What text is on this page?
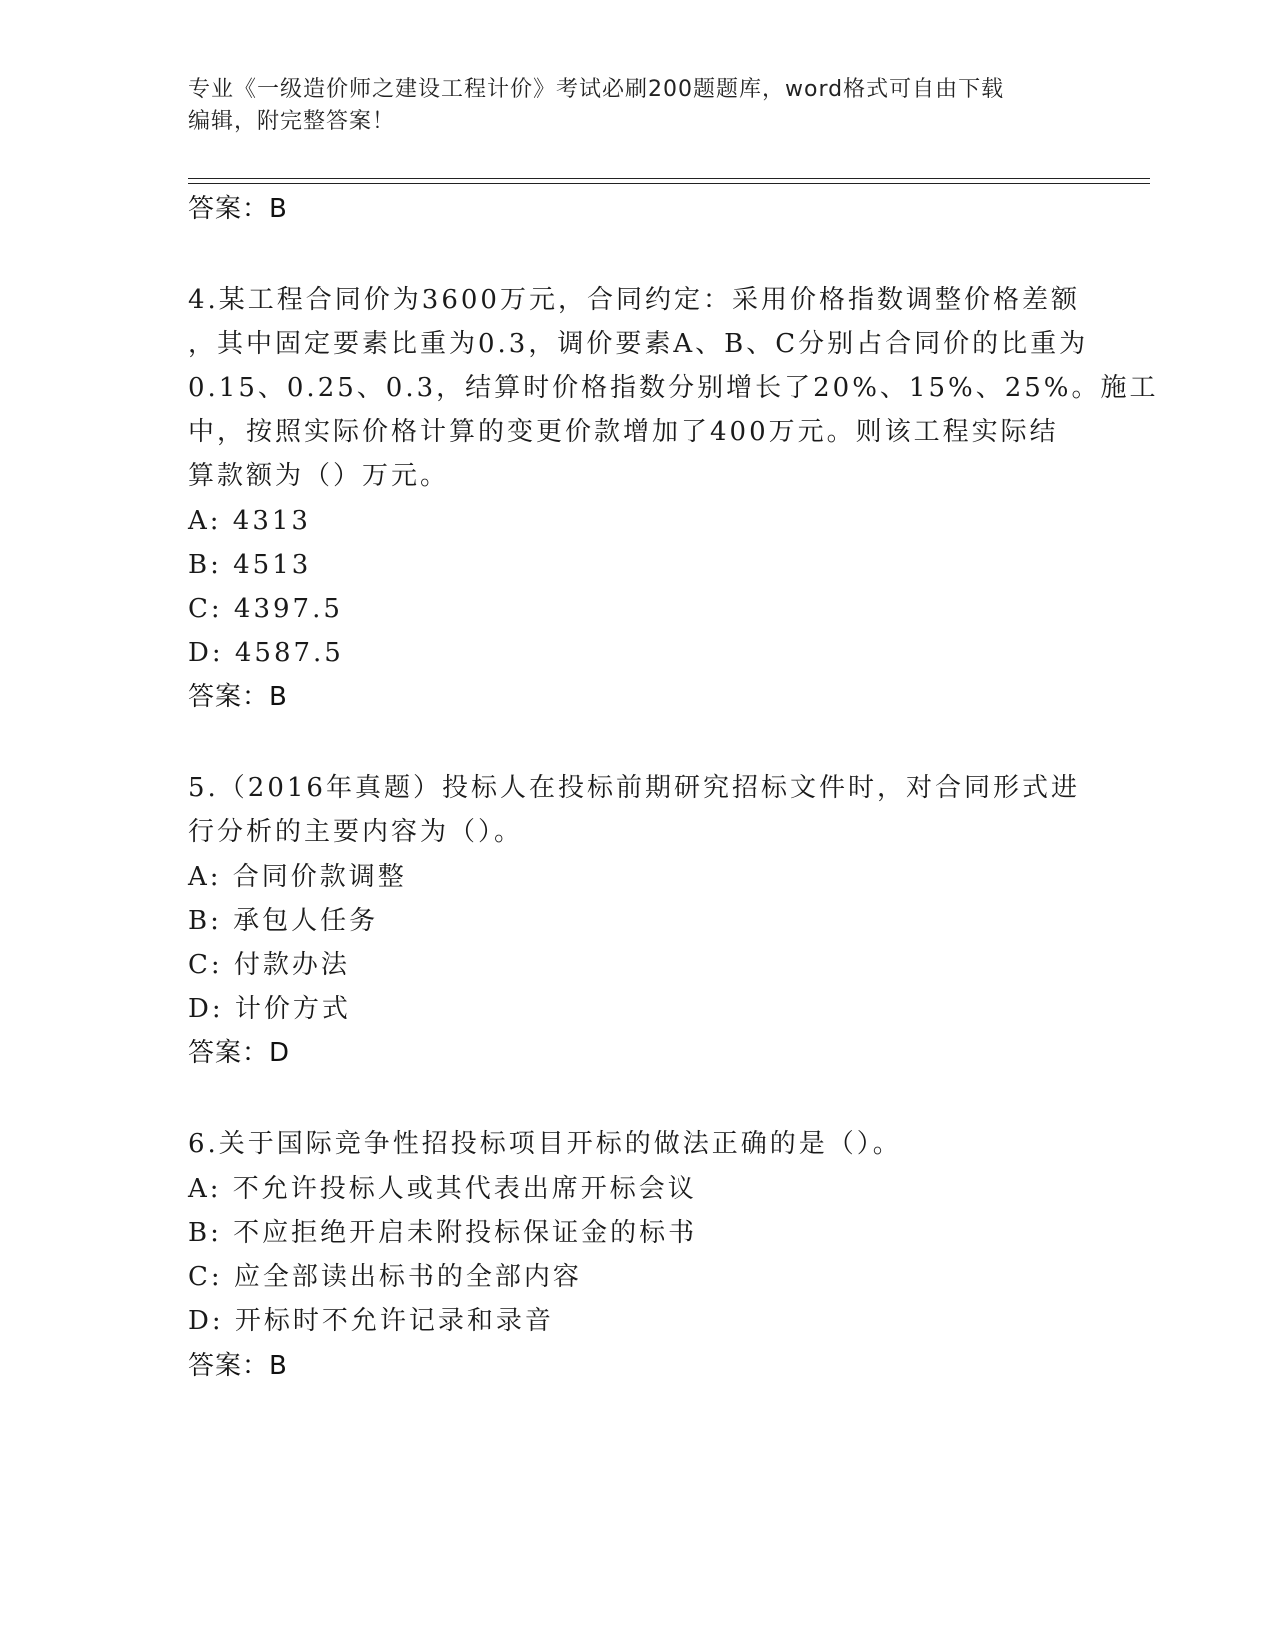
专业《一级造价师之建设工程计价》考试必刷200题题库，word格式可自由下载
编辑，附完整答案！
答案：B
4.某工程合同价为3600万元，合同约定：采用价格指数调整价格差额
，其中固定要素比重为0.3，调价要素A、B、C分别占合同价的比重为
0.15、0.25、0.3，结算时价格指数分别增长了20%、15%、25%。施工
中，按照实际价格计算的变更价款增加了400万元。则该工程实际结
算款额为（）万元。
A: 4313
B: 4513
C: 4397.5
D: 4587.5
答案：B
5.（2016年真题）投标人在投标前期研究招标文件时，对合同形式进
行分析的主要内容为（）。
A: 合同价款调整
B: 承包人任务
C: 付款办法
D: 计价方式
答案：D
6.关于国际竞争性招投标项目开标的做法正确的是（）。
A: 不允许投标人或其代表出席开标会议
B: 不应拒绝开启未附投标保证金的标书
C: 应全部读出标书的全部内容
D: 开标时不允许记录和录音
答案：B
